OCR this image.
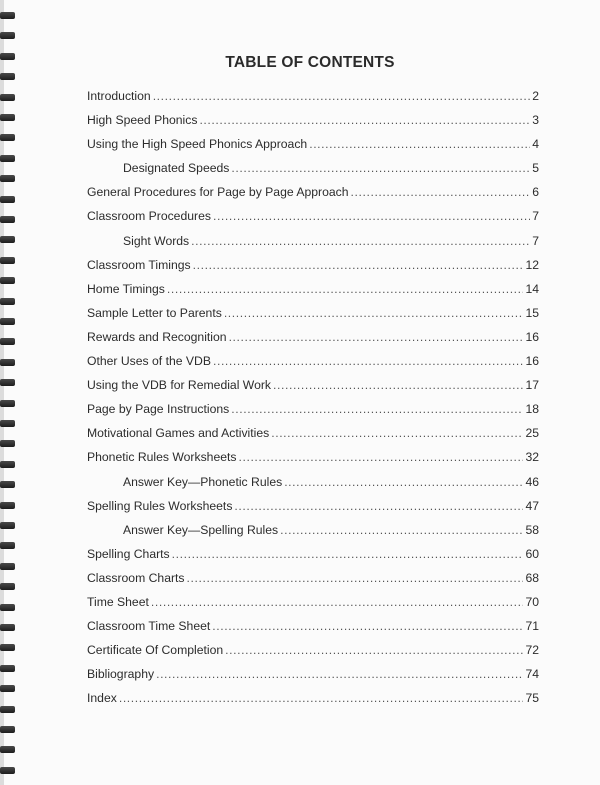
TABLE OF CONTENTS
Introduction .....	2
High Speed Phonics .....	3
Using the High Speed Phonics Approach .....	4
Designated Speeds .....	5
General Procedures for Page by Page Approach .....	6
Classroom Procedures .....	7
Sight Words .....	7
Classroom Timings .....	12
Home Timings .....	14
Sample Letter to Parents .....	15
Rewards and Recognition .....	16
Other Uses of the VDB .....	16
Using the VDB for Remedial Work .....	17
Page by Page Instructions .....	18
Motivational Games and Activities .....	25
Phonetic Rules Worksheets .....	32
Answer Key—Phonetic Rules .....	46
Spelling Rules Worksheets .....	47
Answer Key—Spelling Rules .....	58
Spelling Charts .....	60
Classroom Charts .....	68
Time Sheet .....	70
Classroom Time Sheet .....	71
Certificate Of Completion .....	72
Bibliography .....	74
Index .....	75
